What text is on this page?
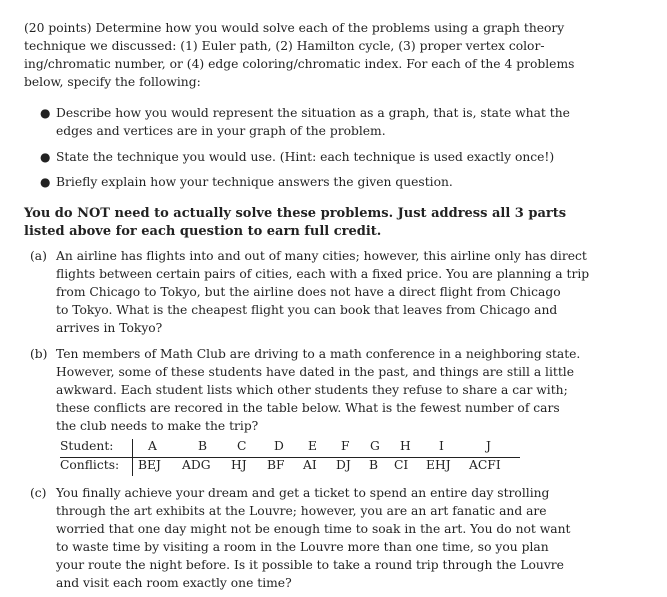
(20 points) Determine how you would solve each of the problems using a graph theory
technique we discussed: (1) Euler path, (2) Hamilton cycle, (3) proper vertex color-
ing/chromatic number, or (4) edge coloring/chromatic index. For each of the 4 problems
below, specify the following:
● Describe how you would represent the situation as a graph, that is, state what the
edges and vertices are in your graph of the problem.
● State the technique you would use. (Hint: each technique is used exactly once!)
● Briefly explain how your technique answers the given question.
You do NOT need to actually solve these problems. Just address all 3 parts
listed above for each question to earn full credit.
(a) An airline has flights into and out of many cities; however, this airline only has direct
flights between certain pairs of cities, each with a fixed price. You are planning a trip
from Chicago to Tokyo, but the airline does not have a direct flight from Chicago
to Tokyo. What is the cheapest flight you can book that leaves from Chicago and
arrives in Tokyo?
(b) Ten members of Math Club are driving to a math conference in a neighboring state.
However, some of these students have dated in the past, and things are still a little
awkward. Each student lists which other students they refuse to share a car with;
these conflicts are recored in the table below. What is the fewest number of cars
the club needs to make the trip?
Student:	A	B C D E F G H I	J
Conflicts: BEJ ADG HJ BF AI DJ B CI EHJ ACFI
(c) You finally achieve your dream and get a ticket to spend an entire day strolling
through the art exhibits at the Louvre; however, you are an art fanatic and are
worried that one day might not be enough time to soak in the art. You do not want
to waste time by visiting a room in the Louvre more than one time, so you plan
your route the night before. Is it possible to take a round trip through the Louvre
and visit each room exactly one time?
